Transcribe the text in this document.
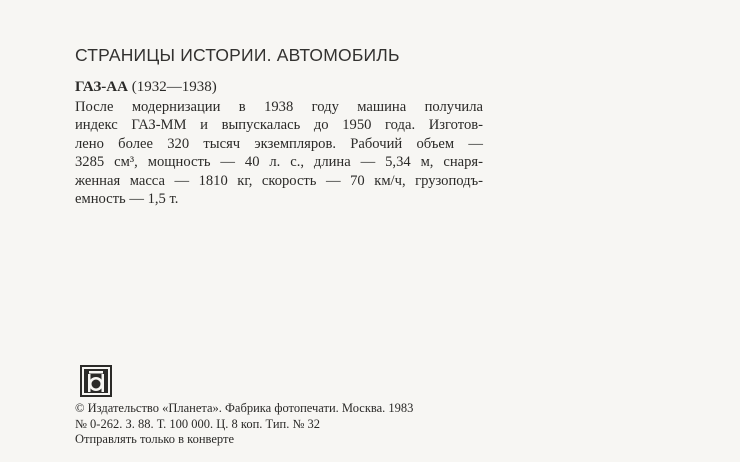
СТРАНИЦЫ ИСТОРИИ. АВТОМОБИЛЬ
ГАЗ-АА (1932—1938)
После модернизации в 1938 году машина получила
индекс ГАЗ-ММ и выпускалась до 1950 года. Изготов-
лено более 320 тысяч экземпляров. Рабочий объем —
3285 см³, мощность — 40 л. с., длина — 5,34 м, снаря-
женная масса — 1810 кг, скорость — 70 км/ч, грузоподъ-
емность — 1,5 т.
© Издательство «Планета». Фабрика фотопечати. Москва. 1983
№ 0-262. З. 88. Т. 100 000. Ц. 8 коп. Тип. № 32
Отправлять только в конверте
